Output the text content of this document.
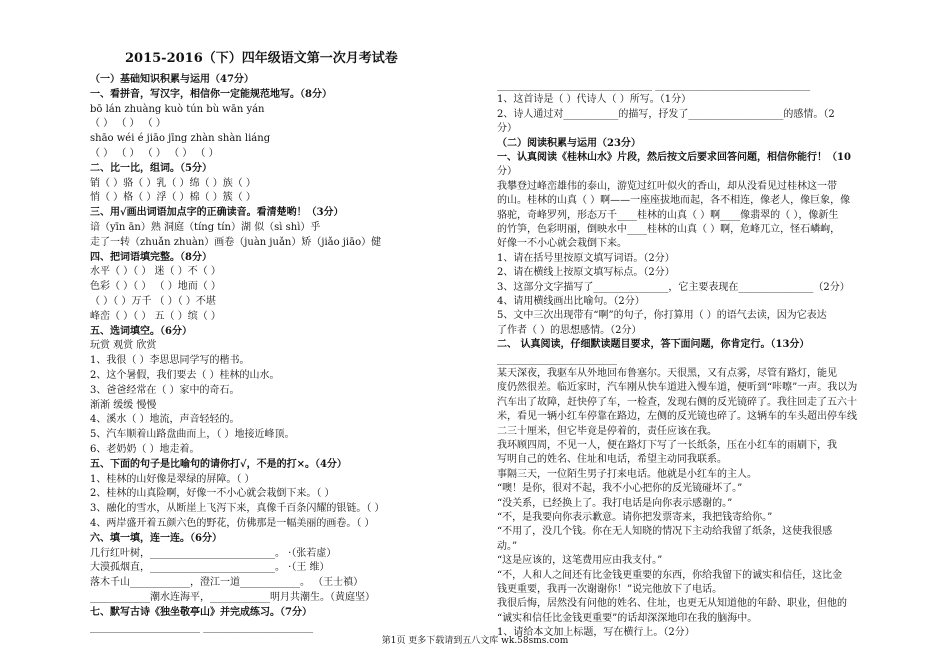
2015-2016（下）四年级语文第一次月考试卷
（一）基础知识积累与运用（47分）
一、看拼音，写汉字，相信你一定能规范地写。（8分）
bō lán zhuàng kuò tún bù wān yán
（ ） （ ） （ ）
shāo wéi é jiāo jīng zhàn shàn liáng
（ ） （ ） （ ） （ ） （ ）
二、比一比，组词。（5分）
销（ ）骆（ ）乳（ ）绵（ ）族（ ）
悄（ ）格（ ）浮（ ）棉（ ）簇（ ）
三、用√画出词语加点字的正确读音。看清楚哟！（3分）
谙（yīn ān）熟 洞庭（tíng tín）湖 似（sì shì）乎
走了一转（zhuǎn zhuàn）画卷（juàn juǎn）矫（jiǎo jiāo）健
四、把词语填完整。（8分）
水平（ ）（ ） 迷（ ）不（ ）
色彩（ ）（ ） （ ）地而（ ）
（ ）（ ）万千 （ ）（ ）不堪
峰峦（ ）（ ） 五（ ）缤（ ）
五、选词填空。（6分）
玩赏 观赏 欣赏
1、我很（ ）李思思同学写的楷书。
2、这个暑假，我们要去（ ）桂林的山水。
3、爸爸经常在（ ）家中的奇石。
渐渐 缓缓 慢慢
4、溪水（ ）地流，声音轻轻的。
5、汽车顺着山路盘曲而上，（ ）地接近峰顶。
6、老奶奶（ ）地走着。
五、下面的句子是比喻句的请你打√，不是的打×。（4分）
1、桂林的山好像是翠绿的屏障。（ ）
2、桂林的山真险啊，好像一不小心就会栽倒下来。（ ）
3、融化的雪水，从断崖上飞泻下来，真像千百条闪耀的银链。（ ）
4、两岸盛开着五颜六色的野花，仿佛那是一幅美丽的画卷。（ ）
六、填一填，连一连。（6分）
几行红叶树，_________________________。 ·（张若虚）
大漠孤烟直，_________________________。 ·（王 维）
落木千山____________，澄江一道____________。 （王士禛）
____________潮水连海平，____________明月共潮生。（黄庭坚）
七、默写古诗《独坐敬亭山》并完成练习。（7分）
______________________ ______________________
_______________________________ _______________________________
1、这首诗是（ ）代诗人（ ）所写。（1分）
2、诗人通过对___________的描写，抒发了___________________的感情。（2
分）
（二）阅读积累与运用（23分）
一、认真阅读《桂林山水》片段，然后按文后要求回答问题，相信你能行！（10
分）
我攀登过峰峦雄伟的泰山，游览过红叶似火的香山，却从没看见过桂林这一带
的山。桂林的山真（ ）啊——一座座拔地而起，各不相连，像老人，像巨象，像
骆驼，奇峰罗列，形态万千____桂林的山真（ ）啊____像翡翠的（ ），像新生
的竹笋，色彩明丽，倒映水中____桂林的山真（ ）啊，危峰兀立，怪石嶙峋，
好像一不小心就会栽倒下来。
1、请在括号里按原文填写词语。（2分）
2、请在横线上按原文填写标点。（2分）
3、这部分文字描写了_______________，它主要表现在_______________（2分）
4、请用横线画出比喻句。（2分）
5、文中三次出现带有“啊”的句子，你打算用（ ）的语气去读，因为它表达
了作者（ ）的思想感情。（2分）
二、 认真阅读，仔细默读题目要求，答下面问题，你肯定行。（13分）
________________________
某天深夜，我驱车从外地回布鲁塞尔。天很黑，又有点雾，尽管有路灯，能见
度仍然很差。临近家时，汽车刚从快车道进入慢车道，便听到“咔嚓”一声。我以为
汽车出了故障，赶快停了车，一检查，发现右侧的反光镜碎了。我往回走了五六十
米，看见一辆小红车停靠在路边，左侧的反光镜也碎了。这辆车的车头超出停车线
二三十厘米，但它毕竟是停着的，责任应该在我。
我环顾四周，不见一人，便在路灯下写了一长纸条，压在小红车的雨刷下，我
写明自己的姓名、住址和电话，希望主动同我联系。
事隔三天，一位陌生男子打来电话。他就是小红车的主人。
“噢！是你，很对不起，我不小心把你的反光镜碰坏了。”
“没关系，已经换上了。我打电话是向你表示感谢的。”
“不，是我要向你表示歉意。请你把发票寄来，我把钱寄给你。”
“不用了，没几个钱。你在无人知晓的情况下主动给我留了纸条，这使我很感
动。”
“这是应该的，这笔费用应由我支付。”
“不，人和人之间还有比金钱更重要的东西，你给我留下的诚实和信任，这比金
钱更重要，我再一次谢谢你！”说完他放下了电话。
我很后悔，居然没有问他的姓名、住址，也更无从知道他的年龄、职业，但他的
“诚实和信任比金钱更重要”的话却深深地印在我的脑海中。
1、请给本文加上标题，写在横行上。（2分）
第1页 更多下载请到五八文库 wk.58sms.com
